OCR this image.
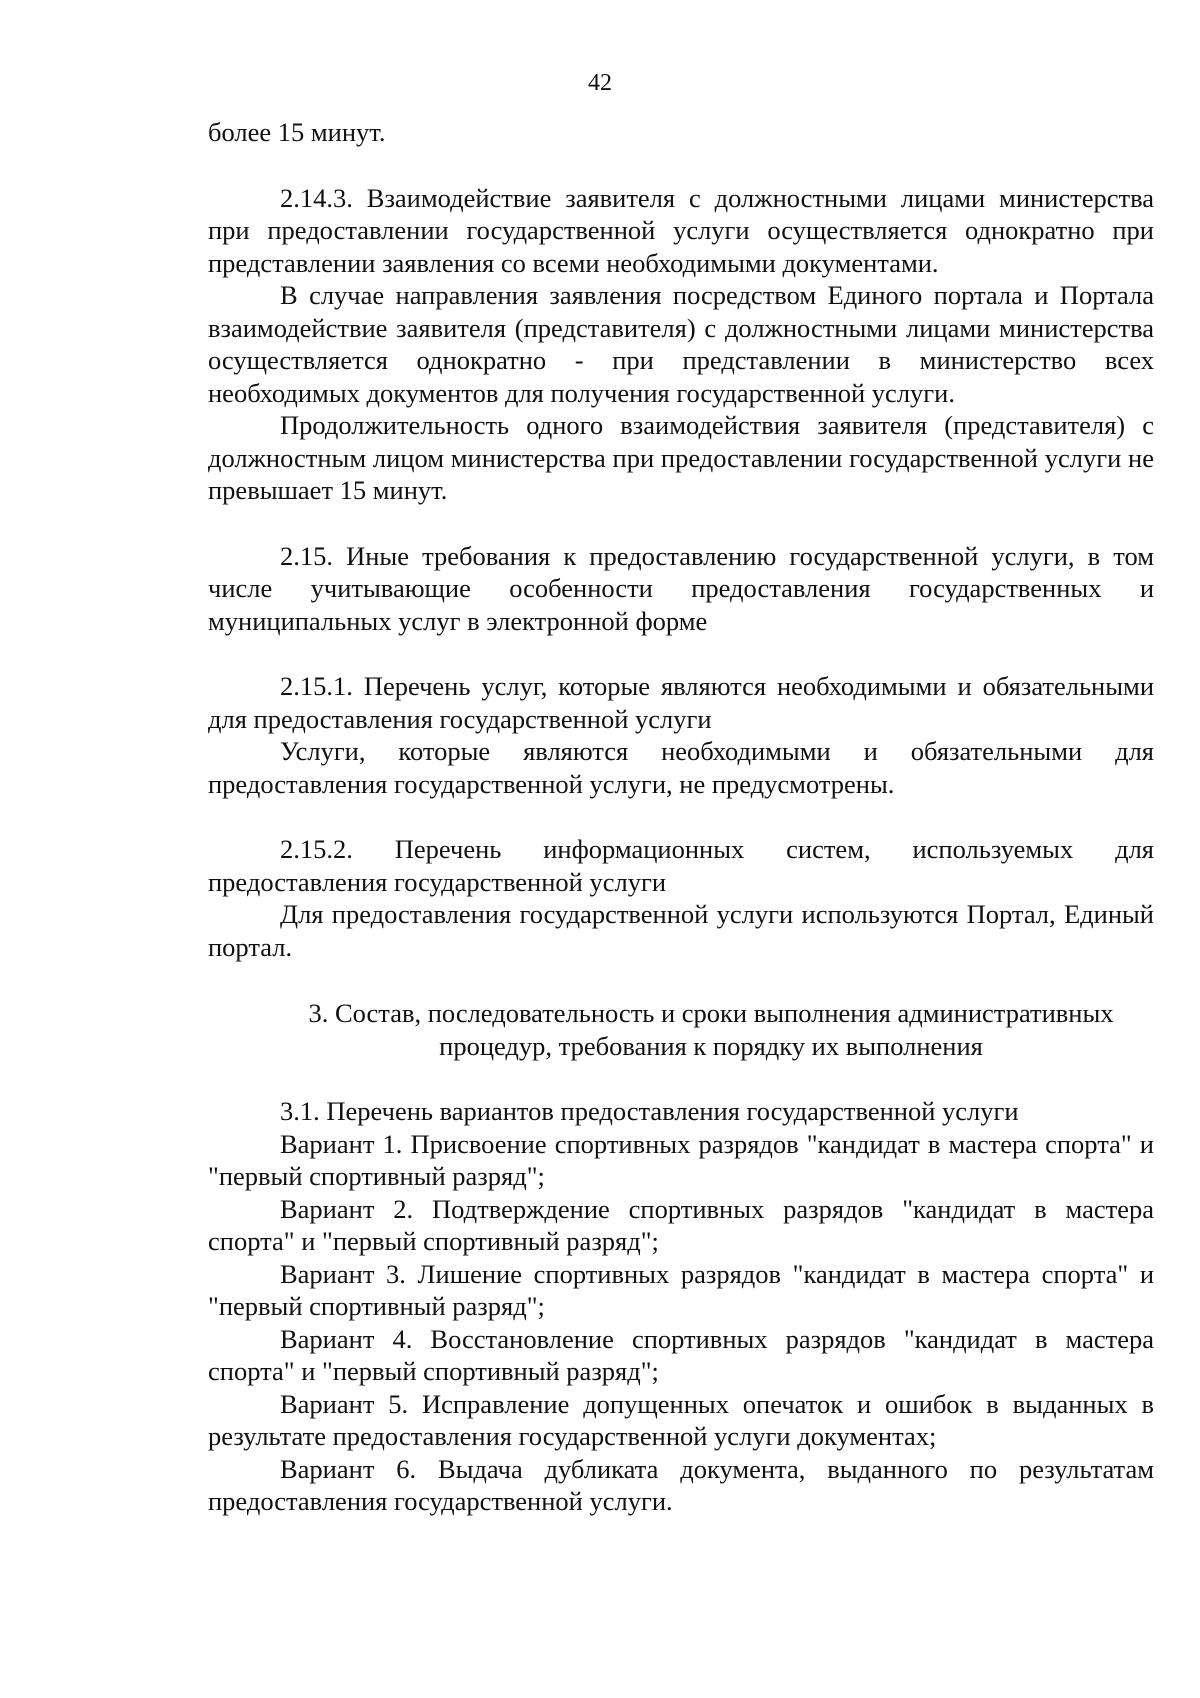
42

более 15 минут.

2.14.3. Взаимодействие заявителя с должностными лицами министерства при предоставлении государственной услуги осуществляется однократно при представлении заявления со всеми необходимыми документами.

В случае направления заявления посредством Единого портала и Портала взаимодействие заявителя (представителя) с должностными лицами министерства осуществляется однократно - при представлении в министерство всех необходимых документов для получения государственной услуги.

Продолжительность одного взаимодействия заявителя (представителя) с должностным лицом министерства при предоставлении государственной услуги не превышает 15 минут.

2.15. Иные требования к предоставлению государственной услуги, в том числе учитывающие особенности предоставления государственных и муниципальных услуг в электронной форме

2.15.1. Перечень услуг, которые являются необходимыми и обязательными для предоставления государственной услуги

Услуги, которые являются необходимыми и обязательными для предоставления государственной услуги, не предусмотрены.

2.15.2. Перечень информационных систем, используемых для предоставления государственной услуги

Для предоставления государственной услуги используются Портал, Единый портал.

3. Состав, последовательность и сроки выполнения административных
процедур, требования к порядку их выполнения

3.1. Перечень вариантов предоставления государственной услуги

Вариант 1. Присвоение спортивных разрядов "кандидат в мастера спорта" и "первый спортивный разряд";

Вариант 2. Подтверждение спортивных разрядов "кандидат в мастера спорта" и "первый спортивный разряд";

Вариант 3. Лишение спортивных разрядов "кандидат в мастера спорта" и "первый спортивный разряд";

Вариант 4. Восстановление спортивных разрядов "кандидат в мастера спорта" и "первый спортивный разряд";

Вариант 5. Исправление допущенных опечаток и ошибок в выданных в результате предоставления государственной услуги документах;

Вариант 6. Выдача дубликата документа, выданного по результатам предоставления государственной услуги.
